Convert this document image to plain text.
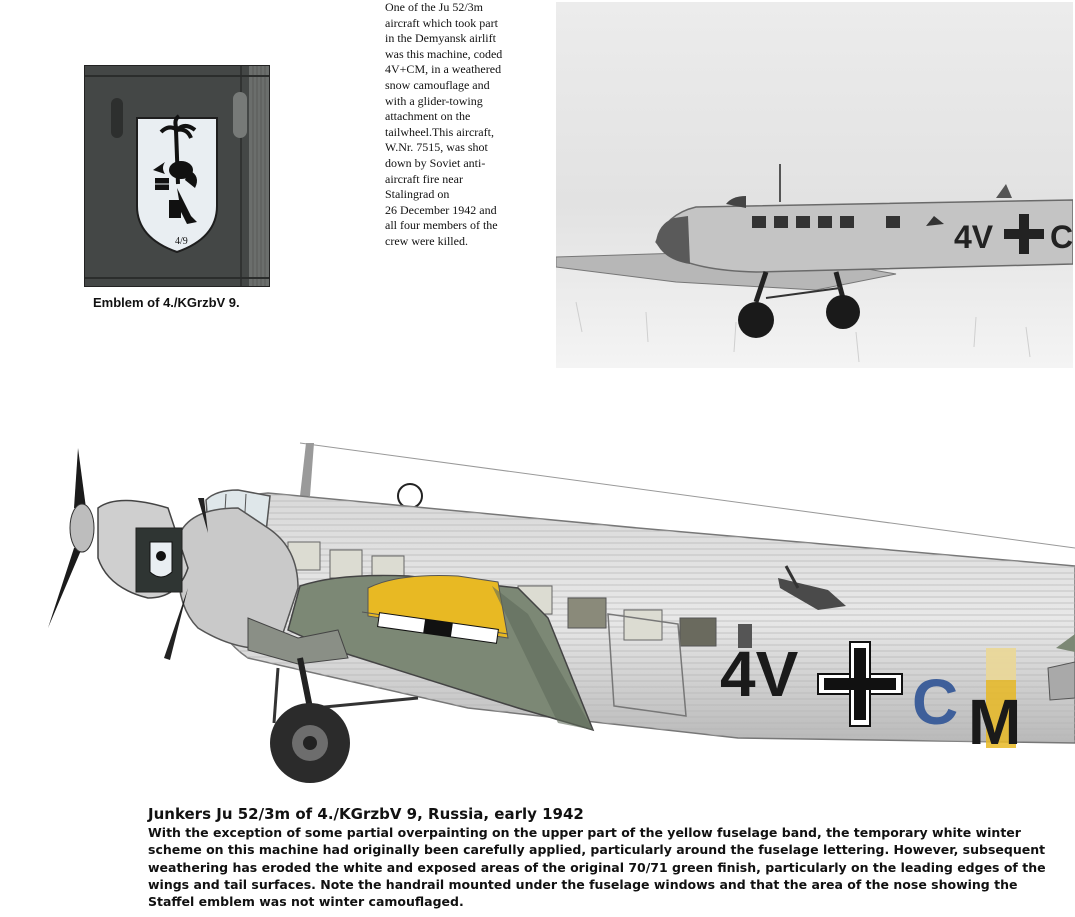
4/9
Emblem of 4./KGrzbV 9.
One of the Ju 52/3m
aircraft which took part
in the Demyansk airlift
was this machine, coded
4V+CM, in a weathered
snow camouflage and
with a glider-towing
attachment on the
tailwheel.This aircraft,
W.Nr. 7515, was shot
down by Soviet anti-
aircraft fire near
Stalingrad on
26 December 1942 and
all four members of the
crew were killed.	4V C
4V C M
Junkers Ju 52/3m of 4./KGrzbV 9, Russia, early 1942

With the exception of some partial overpainting on the upper part of the yellow fuselage band, the temporary white winter scheme on this machine had originally been carefully applied, particularly around the fuselage lettering. However, subsequent weathering has eroded the white and exposed areas of the original 70/71 green finish, particularly on the leading edges of the wings and tail surfaces. Note the handrail mounted under the fuselage windows and that the area of the nose showing the Staffel emblem was not winter camouflaged.
